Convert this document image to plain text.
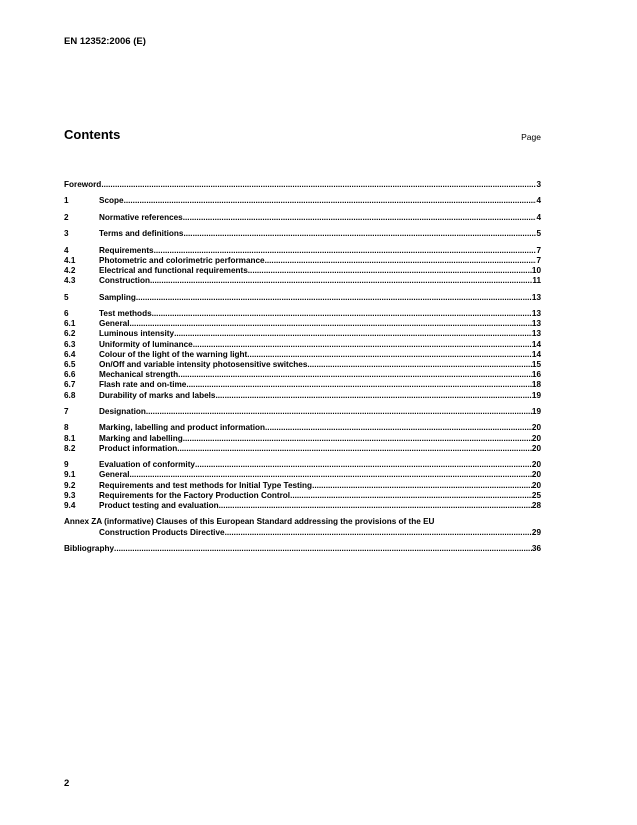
EN 12352:2006 (E)
Contents	Page
Foreword .....	3
1	Scope .....	4
2	Normative references .....	4
3	Terms and definitions .....	5
4	Requirements .....	7
4.1	Photometric and colorimetric performance .....	7
4.2	Electrical and functional requirements .....	10
4.3	Construction .....	11
5	Sampling .....	13
6	Test methods .....	13
6.1	General .....	13
6.2	Luminous intensity .....	13
6.3	Uniformity of luminance .....	14
6.4	Colour of the light of the warning light .....	14
6.5	On/Off and variable intensity photosensitive switches .....	15
6.6	Mechanical strength .....	16
6.7	Flash rate and on-time .....	18
6.8	Durability of marks and labels .....	19
7	Designation .....	19
8	Marking, labelling and product information .....	20
8.1	Marking and labelling .....	20
8.2	Product information .....	20
9	Evaluation of conformity .....	20
9.1	General .....	20
9.2	Requirements and test methods for Initial Type Testing .....	20
9.3	Requirements for the Factory Production Control .....	25
9.4	Product testing and evaluation .....	28
Annex ZA (informative) Clauses of this European Standard addressing the provisions of the EU
Construction Products Directive .....	29
Bibliography .....	36
2
